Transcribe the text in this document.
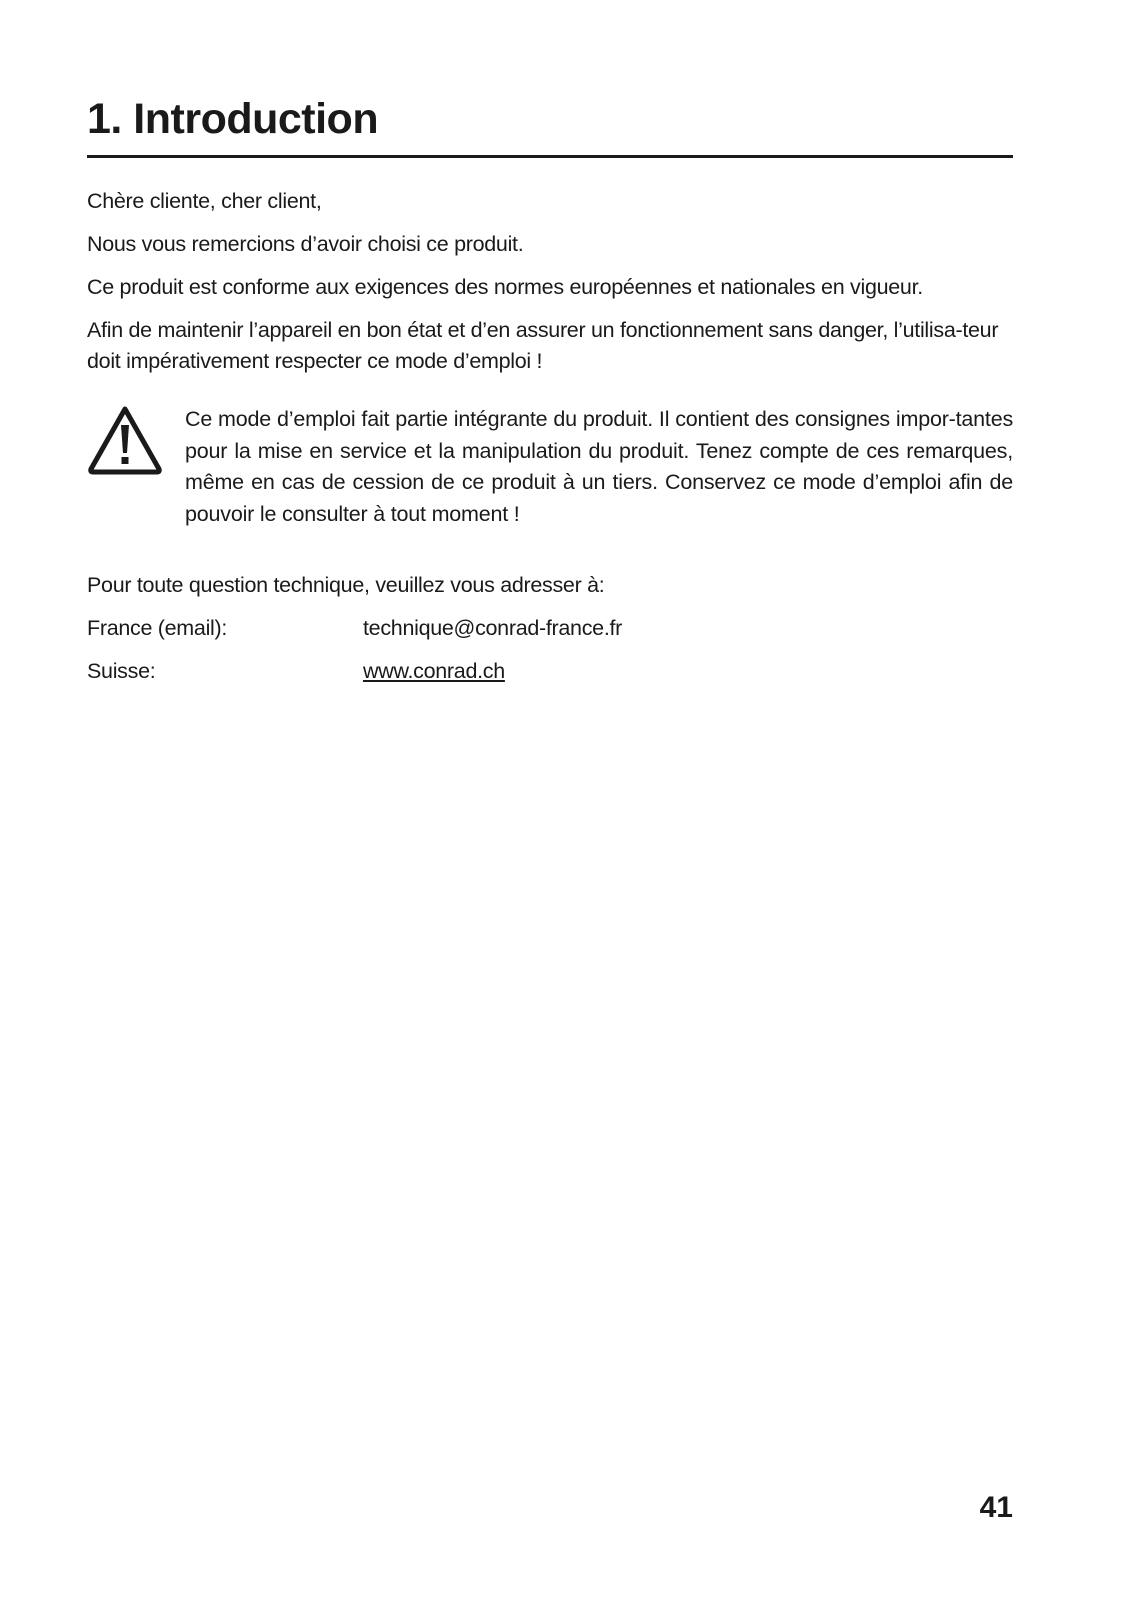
1. Introduction

Chère cliente, cher client,

Nous vous remercions d’avoir choisi ce produit.

Ce produit est conforme aux exigences des normes européennes et nationales en vigueur.

Afin de maintenir l’appareil en bon état et d’en assurer un fonctionnement sans danger, l’utilisa-teur doit impérativement respecter ce mode d’emploi !

Ce mode d’emploi fait partie intégrante du produit. Il contient des consignes impor-tantes pour la mise en service et la manipulation du produit. Tenez compte de ces remarques, même en cas de cession de ce produit à un tiers. Conservez ce mode d’emploi afin de pouvoir le consulter à tout moment !

Pour toute question technique, veuillez vous adresser à:

France (email):	technique@conrad-france.fr
Suisse:	www.conrad.ch
41
